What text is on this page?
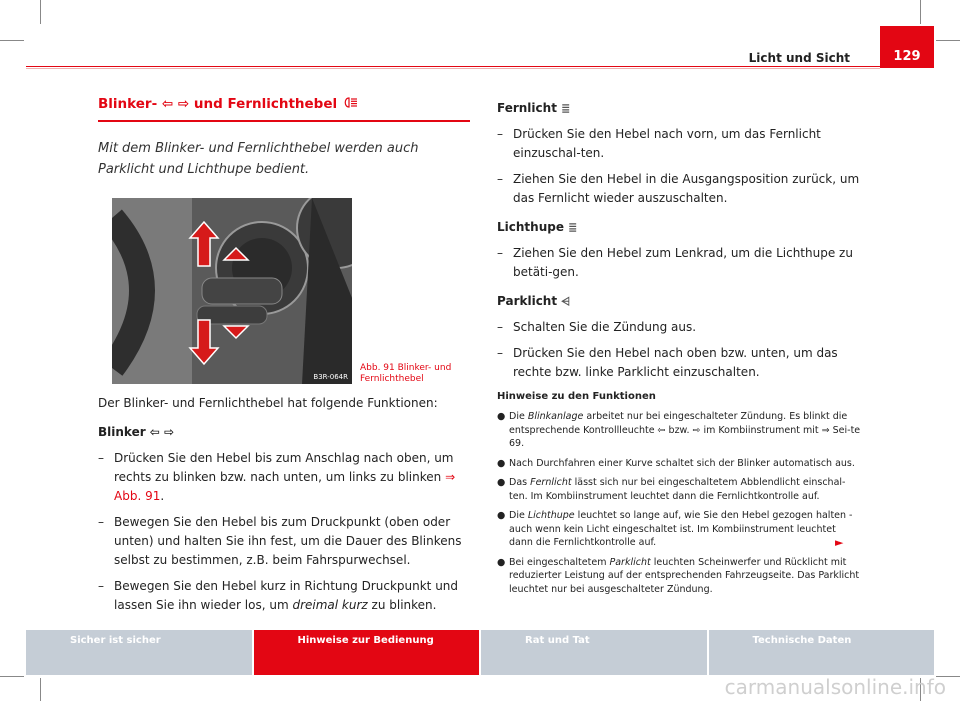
Licht und Sicht	129
Blinker- ⇦ ⇨ und Fernlichthebel
Mit dem Blinker- und Fernlichthebel werden auch Parklicht und Lichthupe bedient.
B3R-064R
Abb. 91 Blinker- und
Fernlichthebel

Der Blinker- und Fernlichthebel hat folgende Funktionen:

Blinker ⇦ ⇨
– Drücken Sie den Hebel bis zum Anschlag nach oben, um rechts zu blinken bzw. nach unten, um links zu blinken ⇒ Abb. 91.
– Bewegen Sie den Hebel bis zum Druckpunkt (oben oder unten) und halten Sie ihn fest, um die Dauer des Blinkens selbst zu bestimmen, z.B. beim Fahrspurwechsel.
– Bewegen Sie den Hebel kurz in Richtung Druckpunkt und lassen Sie ihn wieder los, um dreimal kurz zu blinken.
Fernlicht ≣
– Drücken Sie den Hebel nach vorn, um das Fernlicht einzuschal-ten.
– Ziehen Sie den Hebel in die Ausgangsposition zurück, um das Fernlicht wieder auszuschalten.
Lichthupe ≣
– Ziehen Sie den Hebel zum Lenkrad, um die Lichthupe zu betäti-gen.
Parklicht ⩤
– Schalten Sie die Zündung aus.
– Drücken Sie den Hebel nach oben bzw. unten, um das rechte bzw. linke Parklicht einzuschalten.
Hinweise zu den Funktionen
● Die Blinkanlage arbeitet nur bei eingeschalteter Zündung. Es blinkt die entsprechende Kontrollleuchte ⇦ bzw. ⇨ im Kombiinstrument mit ⇒ Sei-te 69.
● Nach Durchfahren einer Kurve schaltet sich der Blinker automatisch aus.
● Das Fernlicht lässt sich nur bei eingeschaltetem Abblendlicht einschal-ten. Im Kombiinstrument leuchtet dann die Fernlichtkontrolle auf.
● Die Lichthupe leuchtet so lange auf, wie Sie den Hebel gezogen halten - auch wenn kein Licht eingeschaltet ist. Im Kombiinstrument leuchtet dann die Fernlichtkontrolle auf.
● Bei eingeschaltetem Parklicht leuchten Scheinwerfer und Rücklicht mit reduzierter Leistung auf der entsprechenden Fahrzeugseite. Das Parklicht leuchtet nur bei ausgeschalteter Zündung.
►
Sicher ist sicher	Hinweise zur Bedienung	Rat und Tat	Technische Daten
carmanualsonline.info
